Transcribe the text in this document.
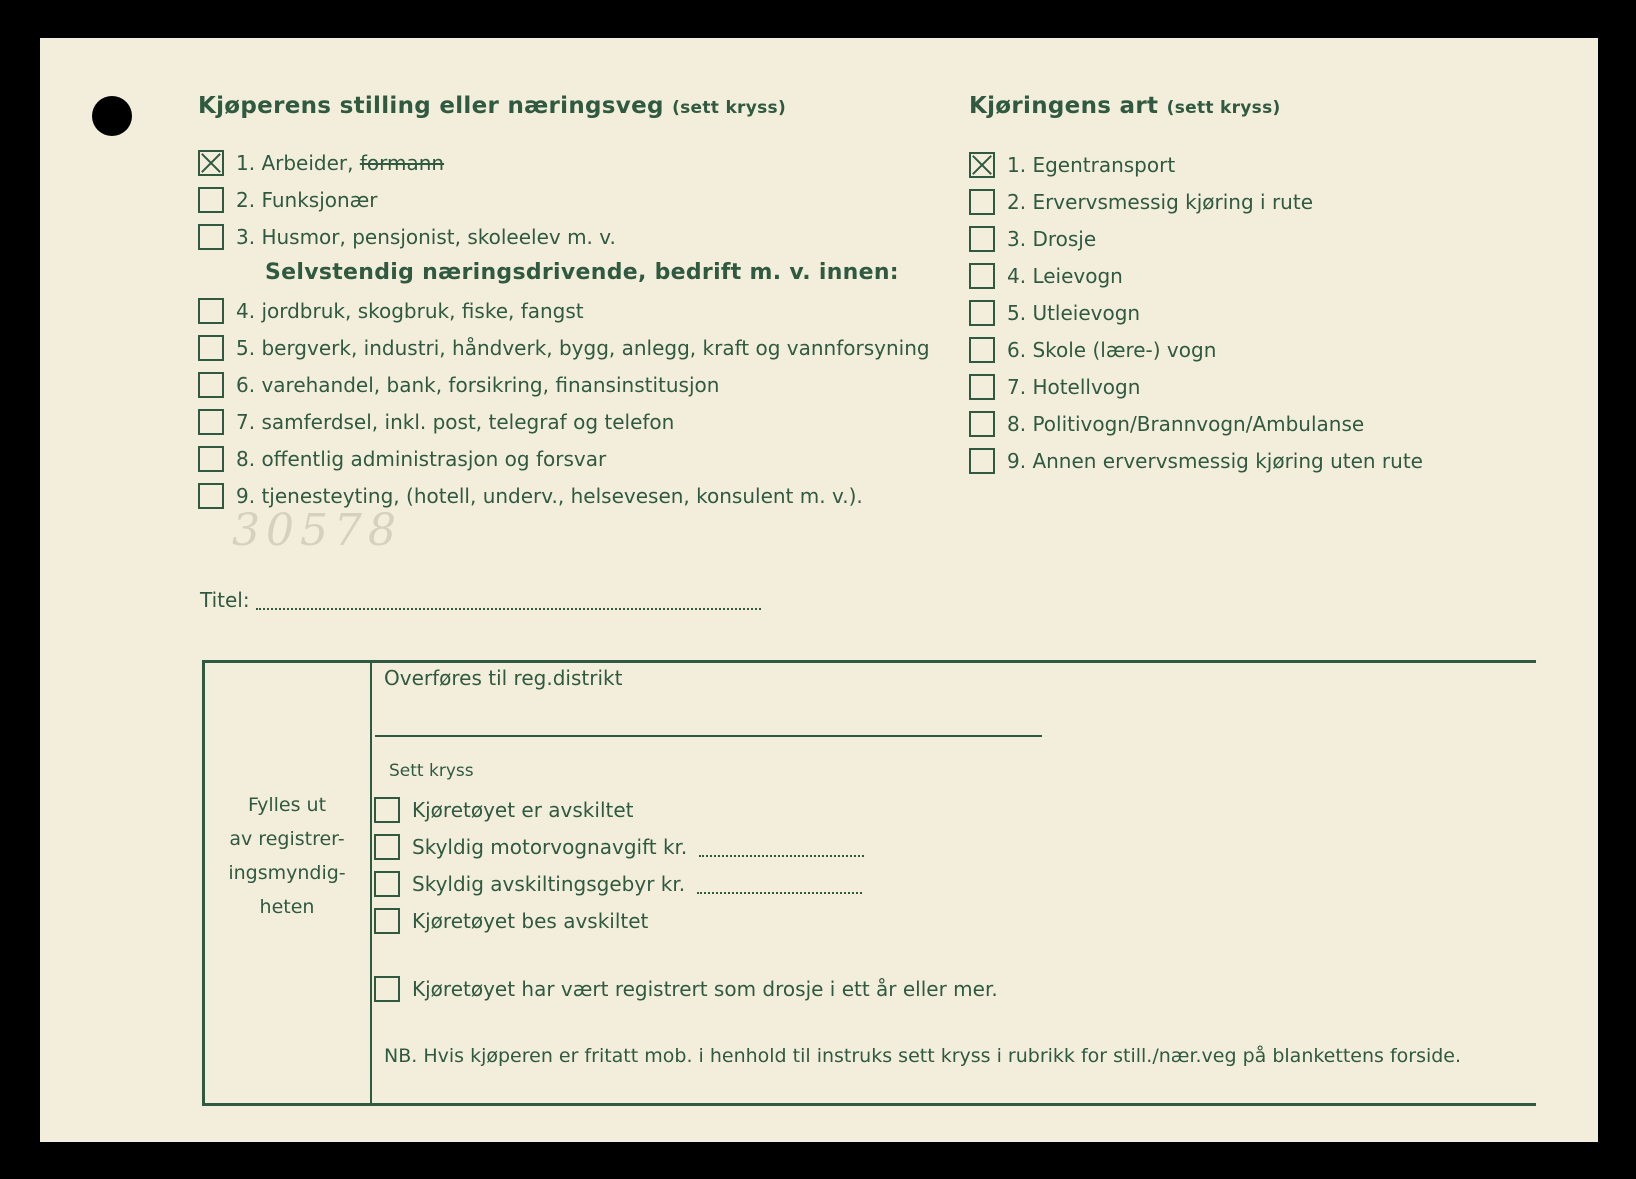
Kjøperens stilling eller næringsveg (sett kryss)
1. Arbeider,
formann
2. Funksjonær
3. Husmor, pensjonist, skoleelev m. v.
Selvstendig næringsdrivende, bedrift m. v. innen:
4. jordbruk, skogbruk, fiske, fangst
5. bergverk, industri, håndverk, bygg, anlegg, kraft og vannforsyning
6. varehandel, bank, forsikring, finansinstitusjon
7. samferdsel, inkl. post, telegraf og telefon
8. offentlig administrasjon og forsvar
9. tjenesteyting, (hotell, underv., helsevesen, konsulent m. v.).
30578
Titel:
Kjøringens art (sett kryss)
1. Egentransport
2. Ervervsmessig kjøring i rute
3. Drosje
4. Leievogn
5. Utleievogn
6. Skole (lære-) vogn
7. Hotellvogn
8. Politivogn/Brannvogn/Ambulanse
9. Annen ervervsmessig kjøring uten rute
Fylles ut
av registrer-
ingsmyndig-
heten
Overføres til reg.distrikt
Sett kryss
Kjøretøyet er avskiltet
Skyldig motorvognavgift kr.
Skyldig avskiltingsgebyr kr.
Kjøretøyet bes avskiltet
Kjøretøyet har vært registrert som drosje i ett år eller mer.
NB. Hvis kjøperen er fritatt mob. i henhold til instruks sett kryss i rubrikk for still./nær.veg på blankettens forside.
